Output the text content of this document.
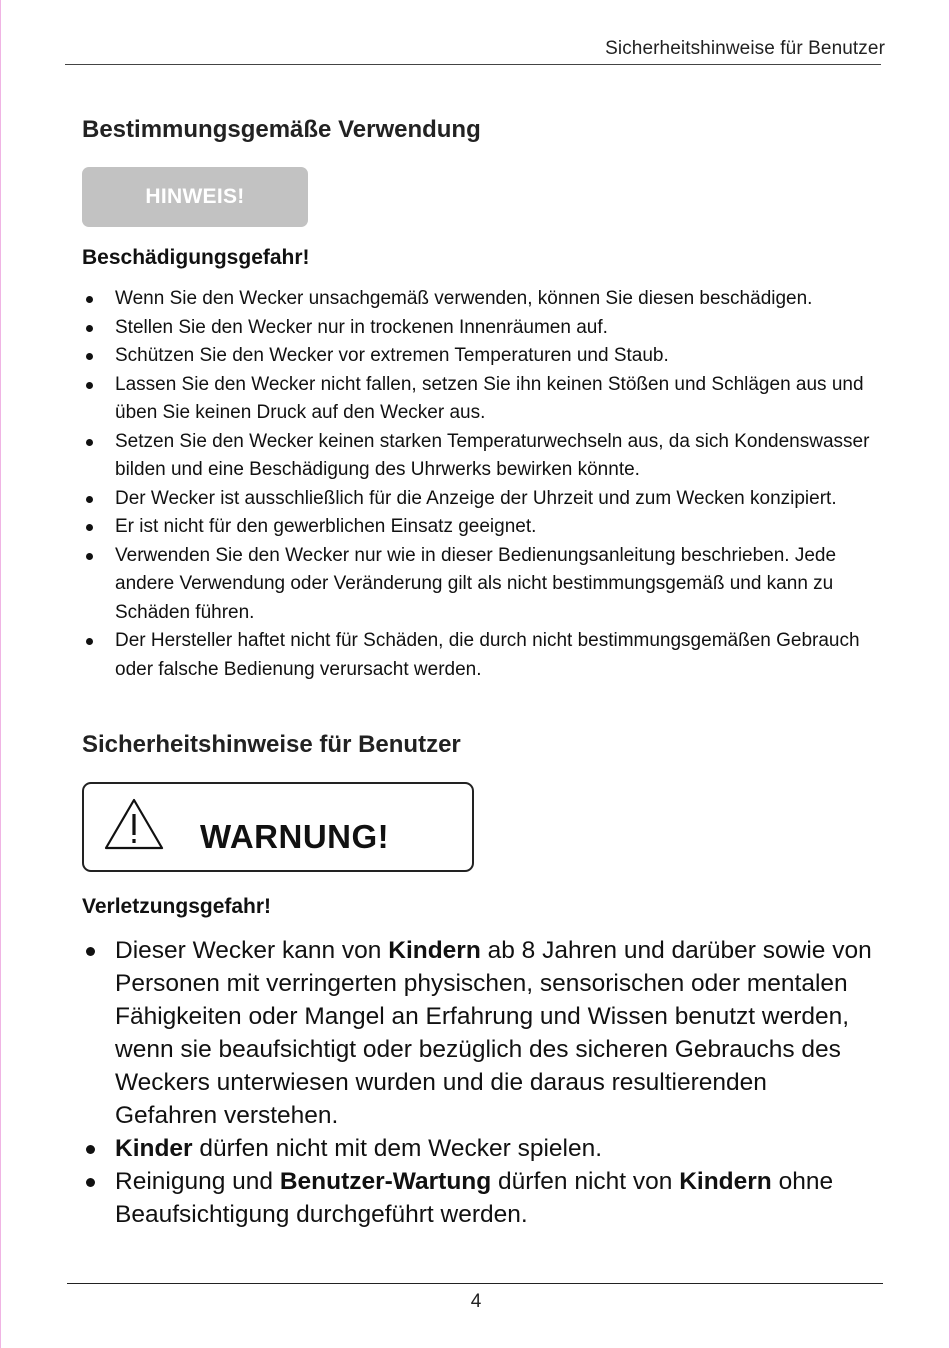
Sicherheitshinweise für Benutzer
Bestimmungsgemäße Verwendung
HINWEIS!
Beschädigungsgefahr!
Wenn Sie den Wecker unsachgemäß verwenden, können Sie diesen beschädigen.
Stellen Sie den Wecker nur in trockenen Innenräumen auf.
Schützen Sie den Wecker vor extremen Temperaturen und Staub.
Lassen Sie den Wecker nicht fallen, setzen Sie ihn keinen Stößen und Schlägen aus und üben Sie keinen Druck auf den Wecker aus.
Setzen Sie den Wecker keinen starken Temperaturwechseln aus, da sich Kondenswasser bilden und eine Beschädigung des Uhrwerks bewirken könnte.
Der Wecker ist ausschließlich für die Anzeige der Uhrzeit und zum Wecken konzipiert.
Er ist nicht für den gewerblichen Einsatz geeignet.
Verwenden Sie den Wecker nur wie in dieser Bedienungsanleitung beschrieben. Jede andere Verwendung oder Veränderung gilt als nicht bestimmungsgemäß und kann zu Schäden führen.
Der Hersteller haftet nicht für Schäden, die durch nicht bestimmungsgemäßen Gebrauch oder falsche Bedienung verursacht werden.
Sicherheitshinweise für Benutzer
WARNUNG!
Verletzungsgefahr!
Dieser Wecker kann von Kindern ab 8 Jahren und darüber sowie von Personen mit verringerten physischen, sensorischen oder mentalen Fähigkeiten oder Mangel an Erfahrung und Wissen benutzt werden, wenn sie beaufsichtigt oder bezüglich des sicheren Gebrauchs des Weckers unterwiesen wurden und die daraus resultierenden Gefahren verstehen.
Kinder dürfen nicht mit dem Wecker spielen.
Reinigung und Benutzer-Wartung dürfen nicht von Kindern ohne Beaufsichtigung durchgeführt werden.
4
